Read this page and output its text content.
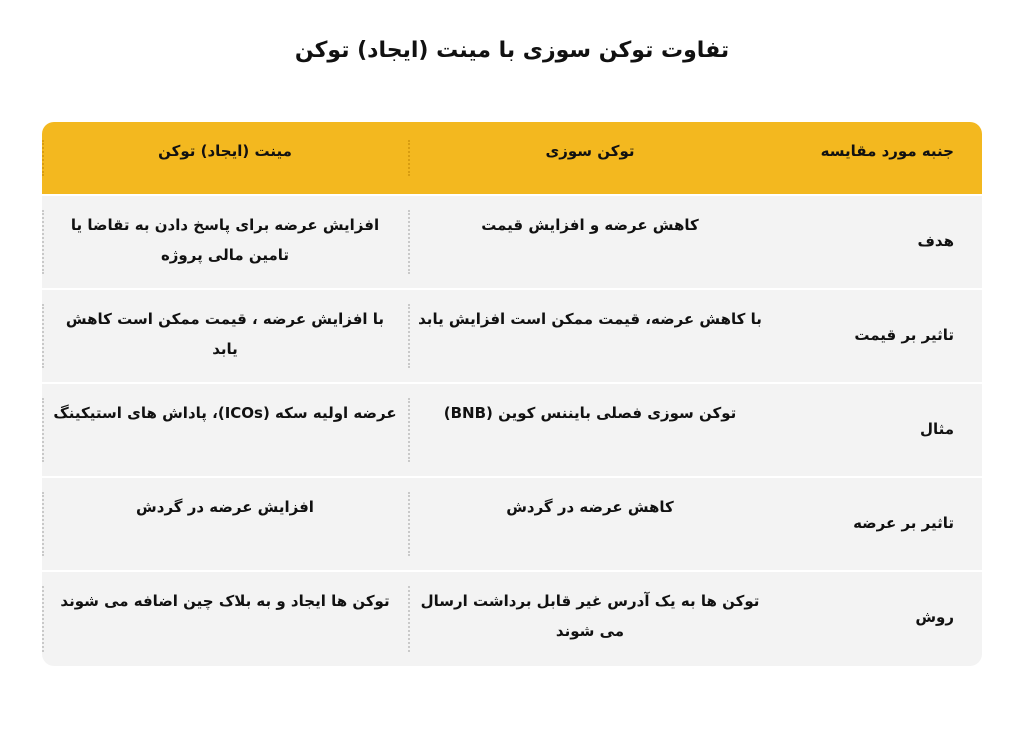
تفاوت توکن سوزی با مینت (ایجاد) توکن
جنبه مورد مقایسه
توکن سوزی
مینت (ایجاد) توکن
هدف
کاهش عرضه و افزایش قیمت
افزایش عرضه برای پاسخ دادن به تقاضا یا تامین مالی پروژه
تاثیر بر قیمت
با کاهش عرضه، قیمت ممکن است افزایش یابد
با افزایش عرضه ، قیمت ممکن است کاهش یابد
مثال
توکن سوزی فصلی بایننس کوین (BNB)
عرضه اولیه سکه (ICOs)، پاداش های استیکینگ
تاثیر بر عرضه
کاهش عرضه در گردش
افزایش عرضه در گردش
روش
توکن ها به یک آدرس غیر قابل برداشت ارسال می شوند
توکن ها ایجاد و به بلاک چین اضافه می شوند
